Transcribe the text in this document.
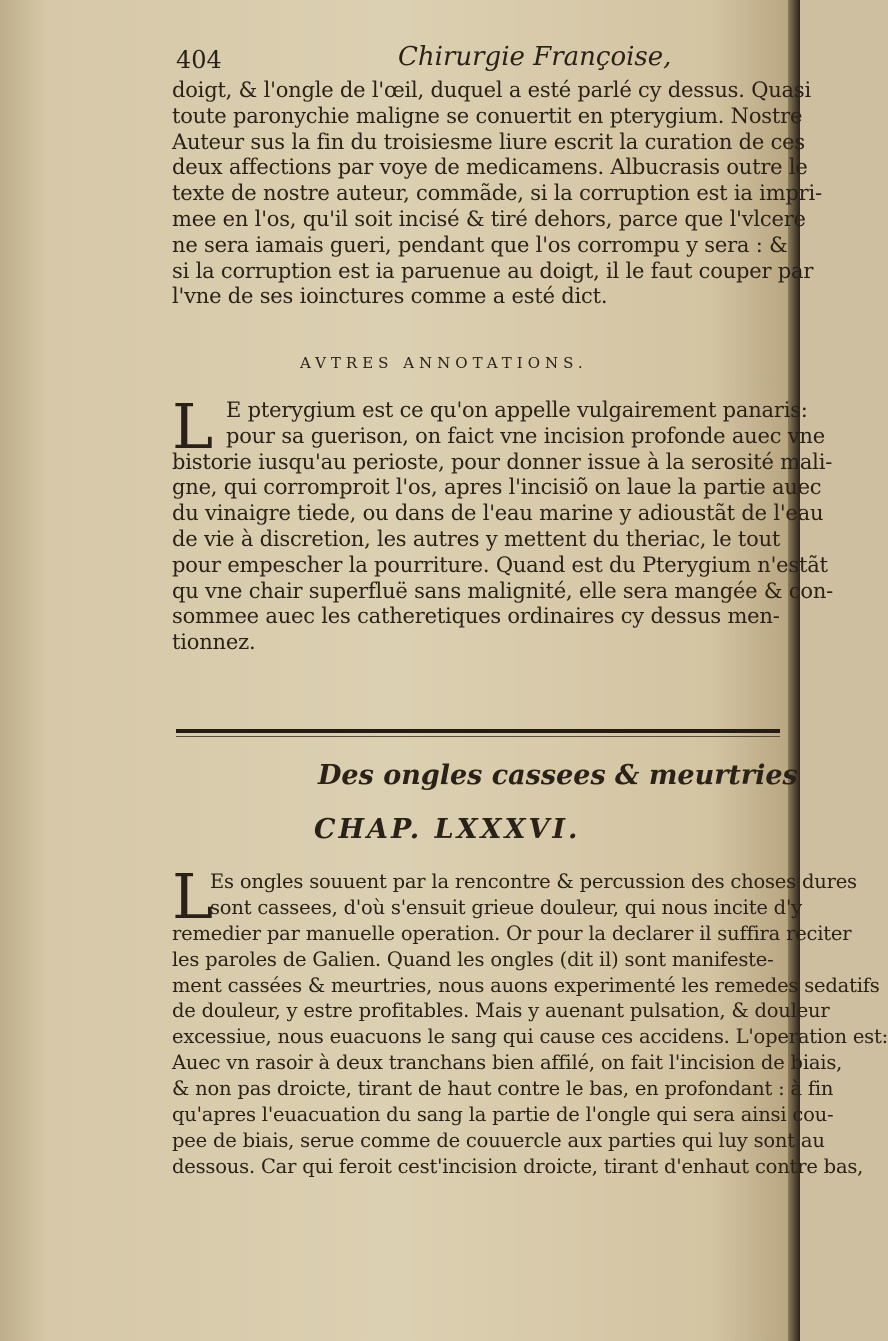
404	Chirurgie Françoise,
doigt, & l'ongle de l'œil, duquel a esté parlé cy dessus. Quasi
toute paronychie maligne se conuertit en pterygium. Nostre
Auteur sus la fin du troisiesme liure escrit la curation de ces
deux affections par voye de medicamens. Albucrasis outre le
texte de nostre auteur, commãde, si la corruption est ia impri-
mee en l'os, qu'il soit incisé & tiré dehors, parce que l'vlcere
ne sera iamais gueri, pendant que l'os corrompu y sera : &
si la corruption est ia paruenue au doigt, il le faut couper par
l'vne de ses ioinctures comme a esté dict.
AVTRES ANNOTATIONS.
L E pterygium est ce qu'on appelle vulgairement panaris:
pour sa guerison, on faict vne incision profonde auec vne
bistorie iusqu'au perioste, pour donner issue à la serosité mali-
gne, qui corromproit l'os, apres l'incisiõ on laue la partie auec
du vinaigre tiede, ou dans de l'eau marine y adioustãt de l'eau
de vie à discretion, les autres y mettent du theriac, le tout
pour empescher la pourriture. Quand est du Pterygium n'estãt
qu vne chair superfluë sans malignité, elle sera mangée & con-
sommee auec les catheretiques ordinaires cy dessus men-
tionnez.
Des ongles cassees & meurtries
CHAP. LXXXVI.
L
Es ongles souuent par la rencontre & percussion des choses dures
sont cassees, d'où s'ensuit grieue douleur, qui nous incite d'y
remedier par manuelle operation. Or pour la declarer il suffira reciter
les paroles de Galien. Quand les ongles (dit il) sont manifeste-
ment cassées & meurtries, nous auons experimenté les remedes sedatifs
de douleur, y estre profitables. Mais y auenant pulsation, & douleur
excessiue, nous euacuons le sang qui cause ces accidens. L'operation est:
Auec vn rasoir à deux tranchans bien affilé, on fait l'incision de biais,
& non pas droicte, tirant de haut contre le bas, en profondant : à fin
qu'apres l'euacuation du sang la partie de l'ongle qui sera ainsi cou-
pee de biais, serue comme de couuercle aux parties qui luy sont au
dessous. Car qui feroit cest'incision droicte, tirant d'enhaut contre bas,
